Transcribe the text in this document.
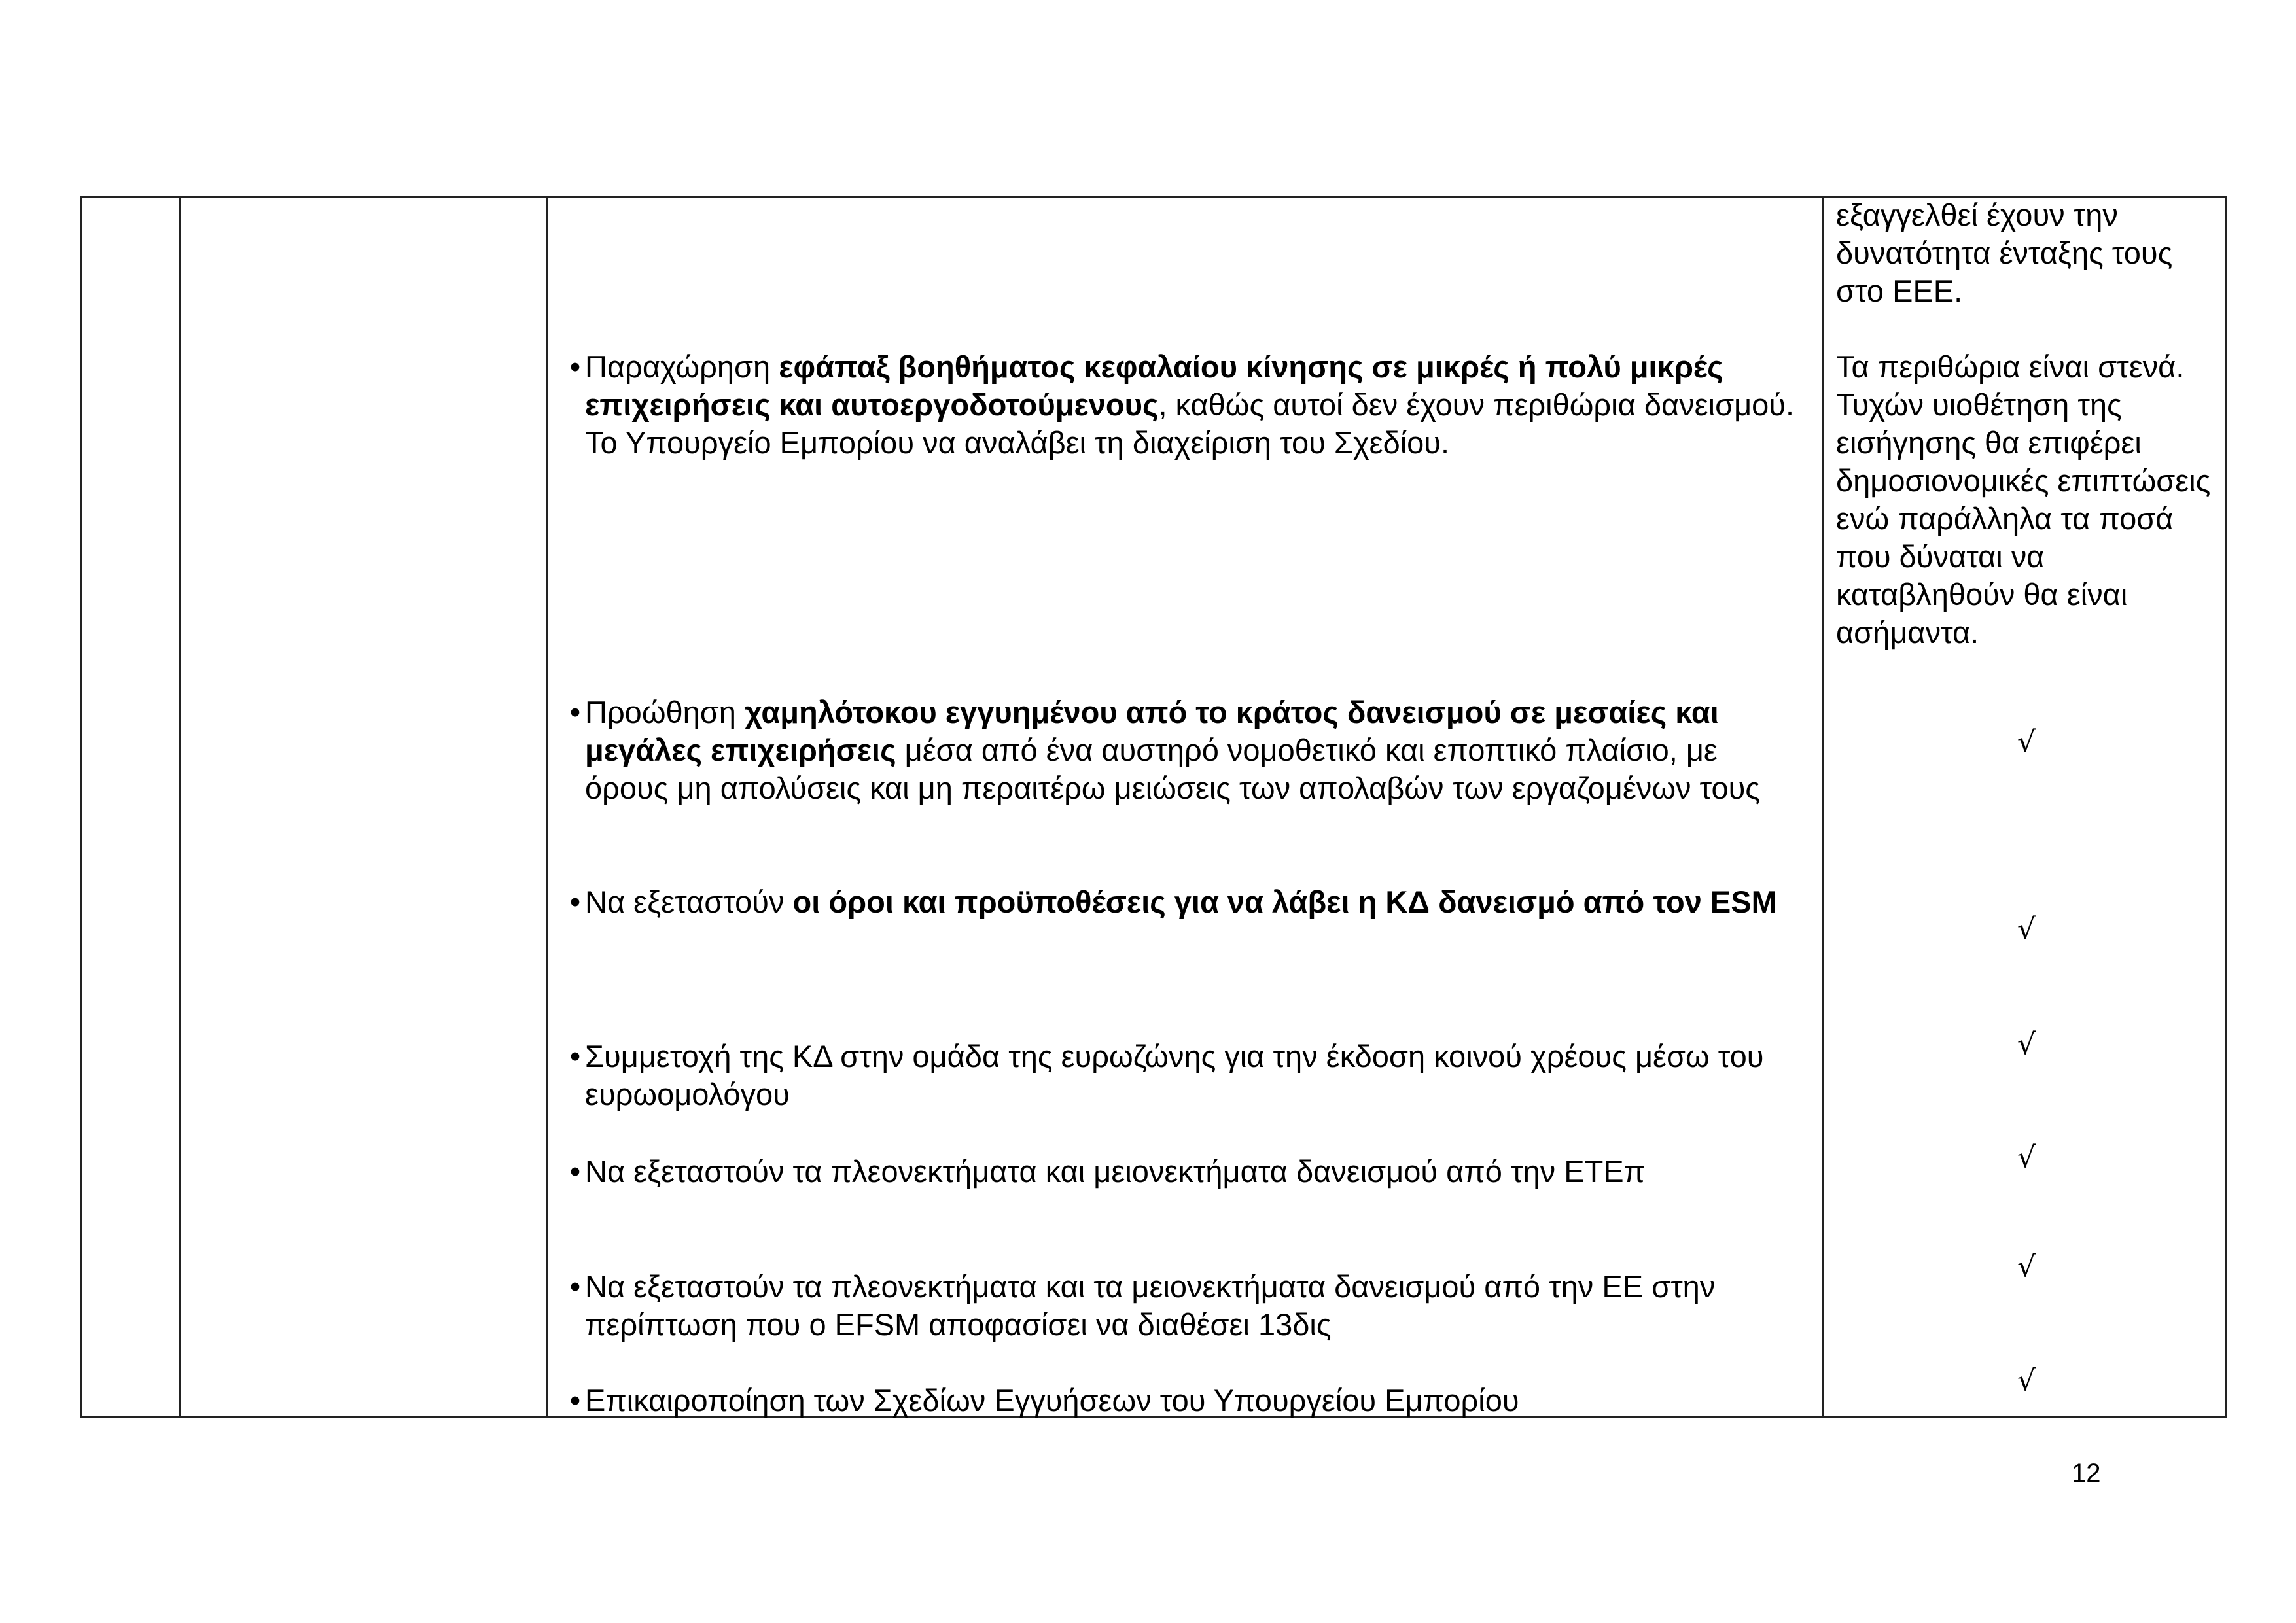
εξαγγελθεί έχουν την δυνατότητα ένταξης τους στο ΕΕΕ.

Τα περιθώρια είναι στενά. Τυχών υιοθέτηση της εισήγησης θα επιφέρει δημοσιονομικές επιπτώσεις ενώ παράλληλα τα ποσά που δύναται να καταβληθούν θα είναι ασήμαντα.

• Παραχώρηση εφάπαξ βοηθήματος κεφαλαίου κίνησης σε μικρές ή πολύ μικρές επιχειρήσεις και αυτοεργοδοτούμενους, καθώς αυτοί δεν έχουν περιθώρια δανεισμού. Το Υπουργείο Εμπορίου να αναλάβει τη διαχείριση του Σχεδίου.
• Προώθηση χαμηλότοκου εγγυημένου από το κράτος δανεισμού σε μεσαίες και μεγάλες επιχειρήσεις μέσα από ένα αυστηρό νομοθετικό και εποπτικό πλαίσιο, με όρους μη απολύσεις και μη περαιτέρω μειώσεις των απολαβών των εργαζομένων τους
• Να εξεταστούν οι όροι και προϋποθέσεις για να λάβει η ΚΔ δανεισμό από τον ESM
• Συμμετοχή της ΚΔ στην ομάδα της ευρωζώνης για την έκδοση κοινού χρέους μέσω του ευρωομολόγου
• Να εξεταστούν τα πλεονεκτήματα και μειονεκτήματα δανεισμού από την ΕΤΕπ
• Να εξεταστούν τα πλεονεκτήματα και τα μειονεκτήματα δανεισμού από την ΕΕ στην περίπτωση που ο EFSM αποφασίσει να διαθέσει 13δις
• Επικαιροποίηση των Σχεδίων Εγγυήσεων του Υπουργείου Εμπορίου
√
√
√
√
√
√
12
